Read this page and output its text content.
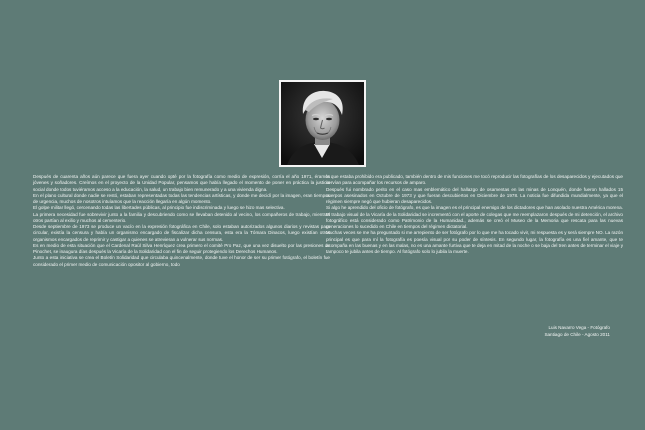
Después de cuarenta años aún parece que fuera ayer cuando opté por la fotografía como medio de expresión, corría el año 1971, éramos jóvenes y soñadores. Creímos en el proyecto de la Unidad Popular, pensamos que había llegado el momento de poner en práctica la justicia social donde todos tuviéramos acceso a la educación, la salud, un trabajo bien remunerado y a una vivienda digna.

En el plano cultural donde nadie se restó, estaban representadas todas las tendencias artísticas, y donde me decidí por la imagen, eran tiempos de urgencia, muchos de nosotros intuíamos que la reacción llegaría en algún momento.

El golpe militar llegó, cercenando todas las libertades públicas, al principio fue indiscriminada y luego se hizo mas selectiva.

La primera necesidad fue sobrevivir junto a la familia y descubriendo como se llevaban detenido al vecino, los compañeros de trabajo, mientras otros partían al exilio y muchos al cementerio.

Desde septiembre de 1973 se produce un vacío en la expresión fotográfica en Chile, solo estaban autorizados algunos diarios y revistas para circular, existía la censura y había un organismo encargado de fiscalizar dicha censura, esta era la Tómara Dinacos, luego existían otros organismos encargados de reprimir y castigar a quienes se atrevieran a vulnerar sus normas.

Es en medio de esta situación que el Cardenal Raúl Silva Henríquez crea primero el comité Pro Paz, que una vez disuelto por las presiones de Pinochet, se inaugura días después la Vicaría de la Solidaridad con el fin de seguir protegiendo los Derechos Humanos.

Junto a esta iniciativa se crea el Boletín Solidaridad que circulaba quincenalmente, donde tuve el honor de ser su primer fotógrafo, el boletín fue considerado el primer medio de comunicación opositor al gobierno, todo

lo que estaba prohibido era publicado, también dentro de mis funciones me tocó reproducir las fotografías de los desaparecidos y ejecutados que servían para acompañar los recursos de amparo.

Después fui nombrado perito en el caso mas emblemático del hallazgo de osamentas en las minas de Lonquén, donde fueron hallados 15 cuerpos asesinados en Octubre de 1973 y que fueran descubiertos en Diciembre de 1978. La noticia fue difundida mundialmente, ya que el régimen siempre negó que hubieran desaparecidos.

Si algo he aprendido del oficio de fotógrafo, es que la imagen es el principal enemigo de los dictadores que han asolado nuestra América morena.

El trabajo visual de la Vicaría de la Solidaridad se incrementó con el aporte de colegas que me reemplazaron después de mi detención, el archivo fotográfico está considerado como Patrimonio de la Humanidad., además se creó el Museo de la Memoria que rescata para las nuevas generaciones lo sucedido en Chile en tiempos del régimen dictatorial.

Muchas veces se me ha preguntado si me arrepiento de ser fotógrafo por lo que me ha tocado vivir, mi respuesta es y será siempre NO. La razón principal es que para mí la fotografía es poesía visual por su poder de síntesis. En segundo lugar, la fotografía es una fiel amante, que te acompaña en las buenas y en las malas, no es una amante furtiva que te deja en mitad de la noche o se baja del tren antes de terminar el viaje y tampoco te jubila antes de tiempo. Al fotógrafo solo lo jubila la muerte.

Luis Navarro Vega - Fotógrafo
Santiago de Chile - Agosto 2011
